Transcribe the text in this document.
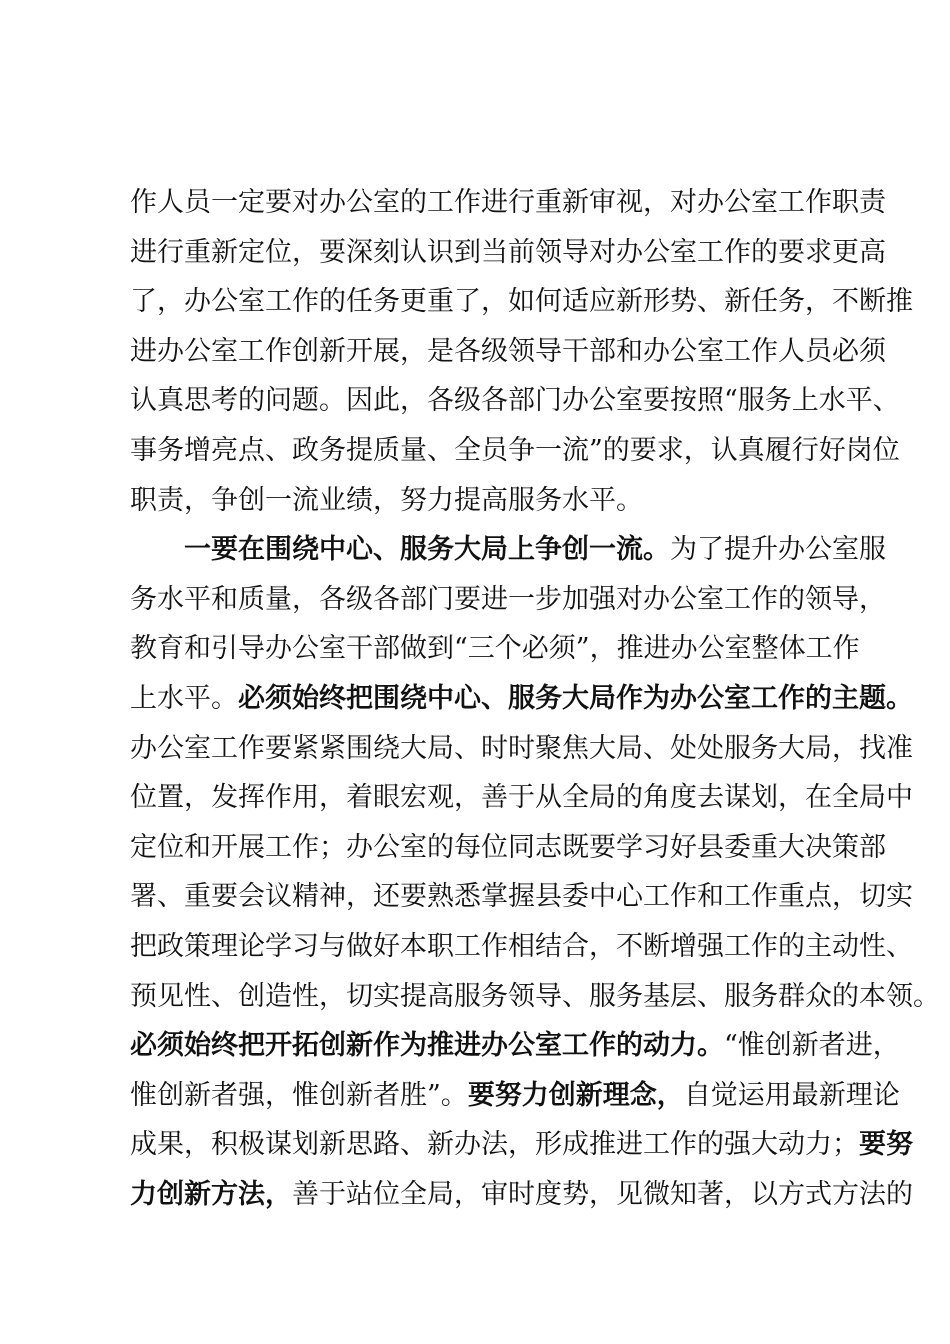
作人员一定要对办公室的工作进行重新审视，对办公室工作职责
进行重新定位，要深刻认识到当前领导对办公室工作的要求更高
了，办公室工作的任务更重了，如何适应新形势、新任务，不断推
进办公室工作创新开展，是各级领导干部和办公室工作人员必须
认真思考的问题。因此，各级各部门办公室要按照“服务上水平、
事务增亮点、政务提质量、全员争一流”的要求，认真履行好岗位
职责，争创一流业绩，努力提高服务水平。
一要在围绕中心、服务大局上争创一流。为了提升办公室服
务水平和质量，各级各部门要进一步加强对办公室工作的领导，
教育和引导办公室干部做到“三个必须”，推进办公室整体工作
上水平。必须始终把围绕中心、服务大局作为办公室工作的主题。
办公室工作要紧紧围绕大局、时时聚焦大局、处处服务大局，找准
位置，发挥作用，着眼宏观，善于从全局的角度去谋划，在全局中
定位和开展工作；办公室的每位同志既要学习好县委重大决策部
署、重要会议精神，还要熟悉掌握县委中心工作和工作重点，切实
把政策理论学习与做好本职工作相结合，不断增强工作的主动性、
预见性、创造性，切实提高服务领导、服务基层、服务群众的本领。
必须始终把开拓创新作为推进办公室工作的动力。“惟创新者进，
惟创新者强，惟创新者胜”。要努力创新理念，自觉运用最新理论
成果，积极谋划新思路、新办法，形成推进工作的强大动力；要努
力创新方法，善于站位全局，审时度势，见微知著，以方式方法的
